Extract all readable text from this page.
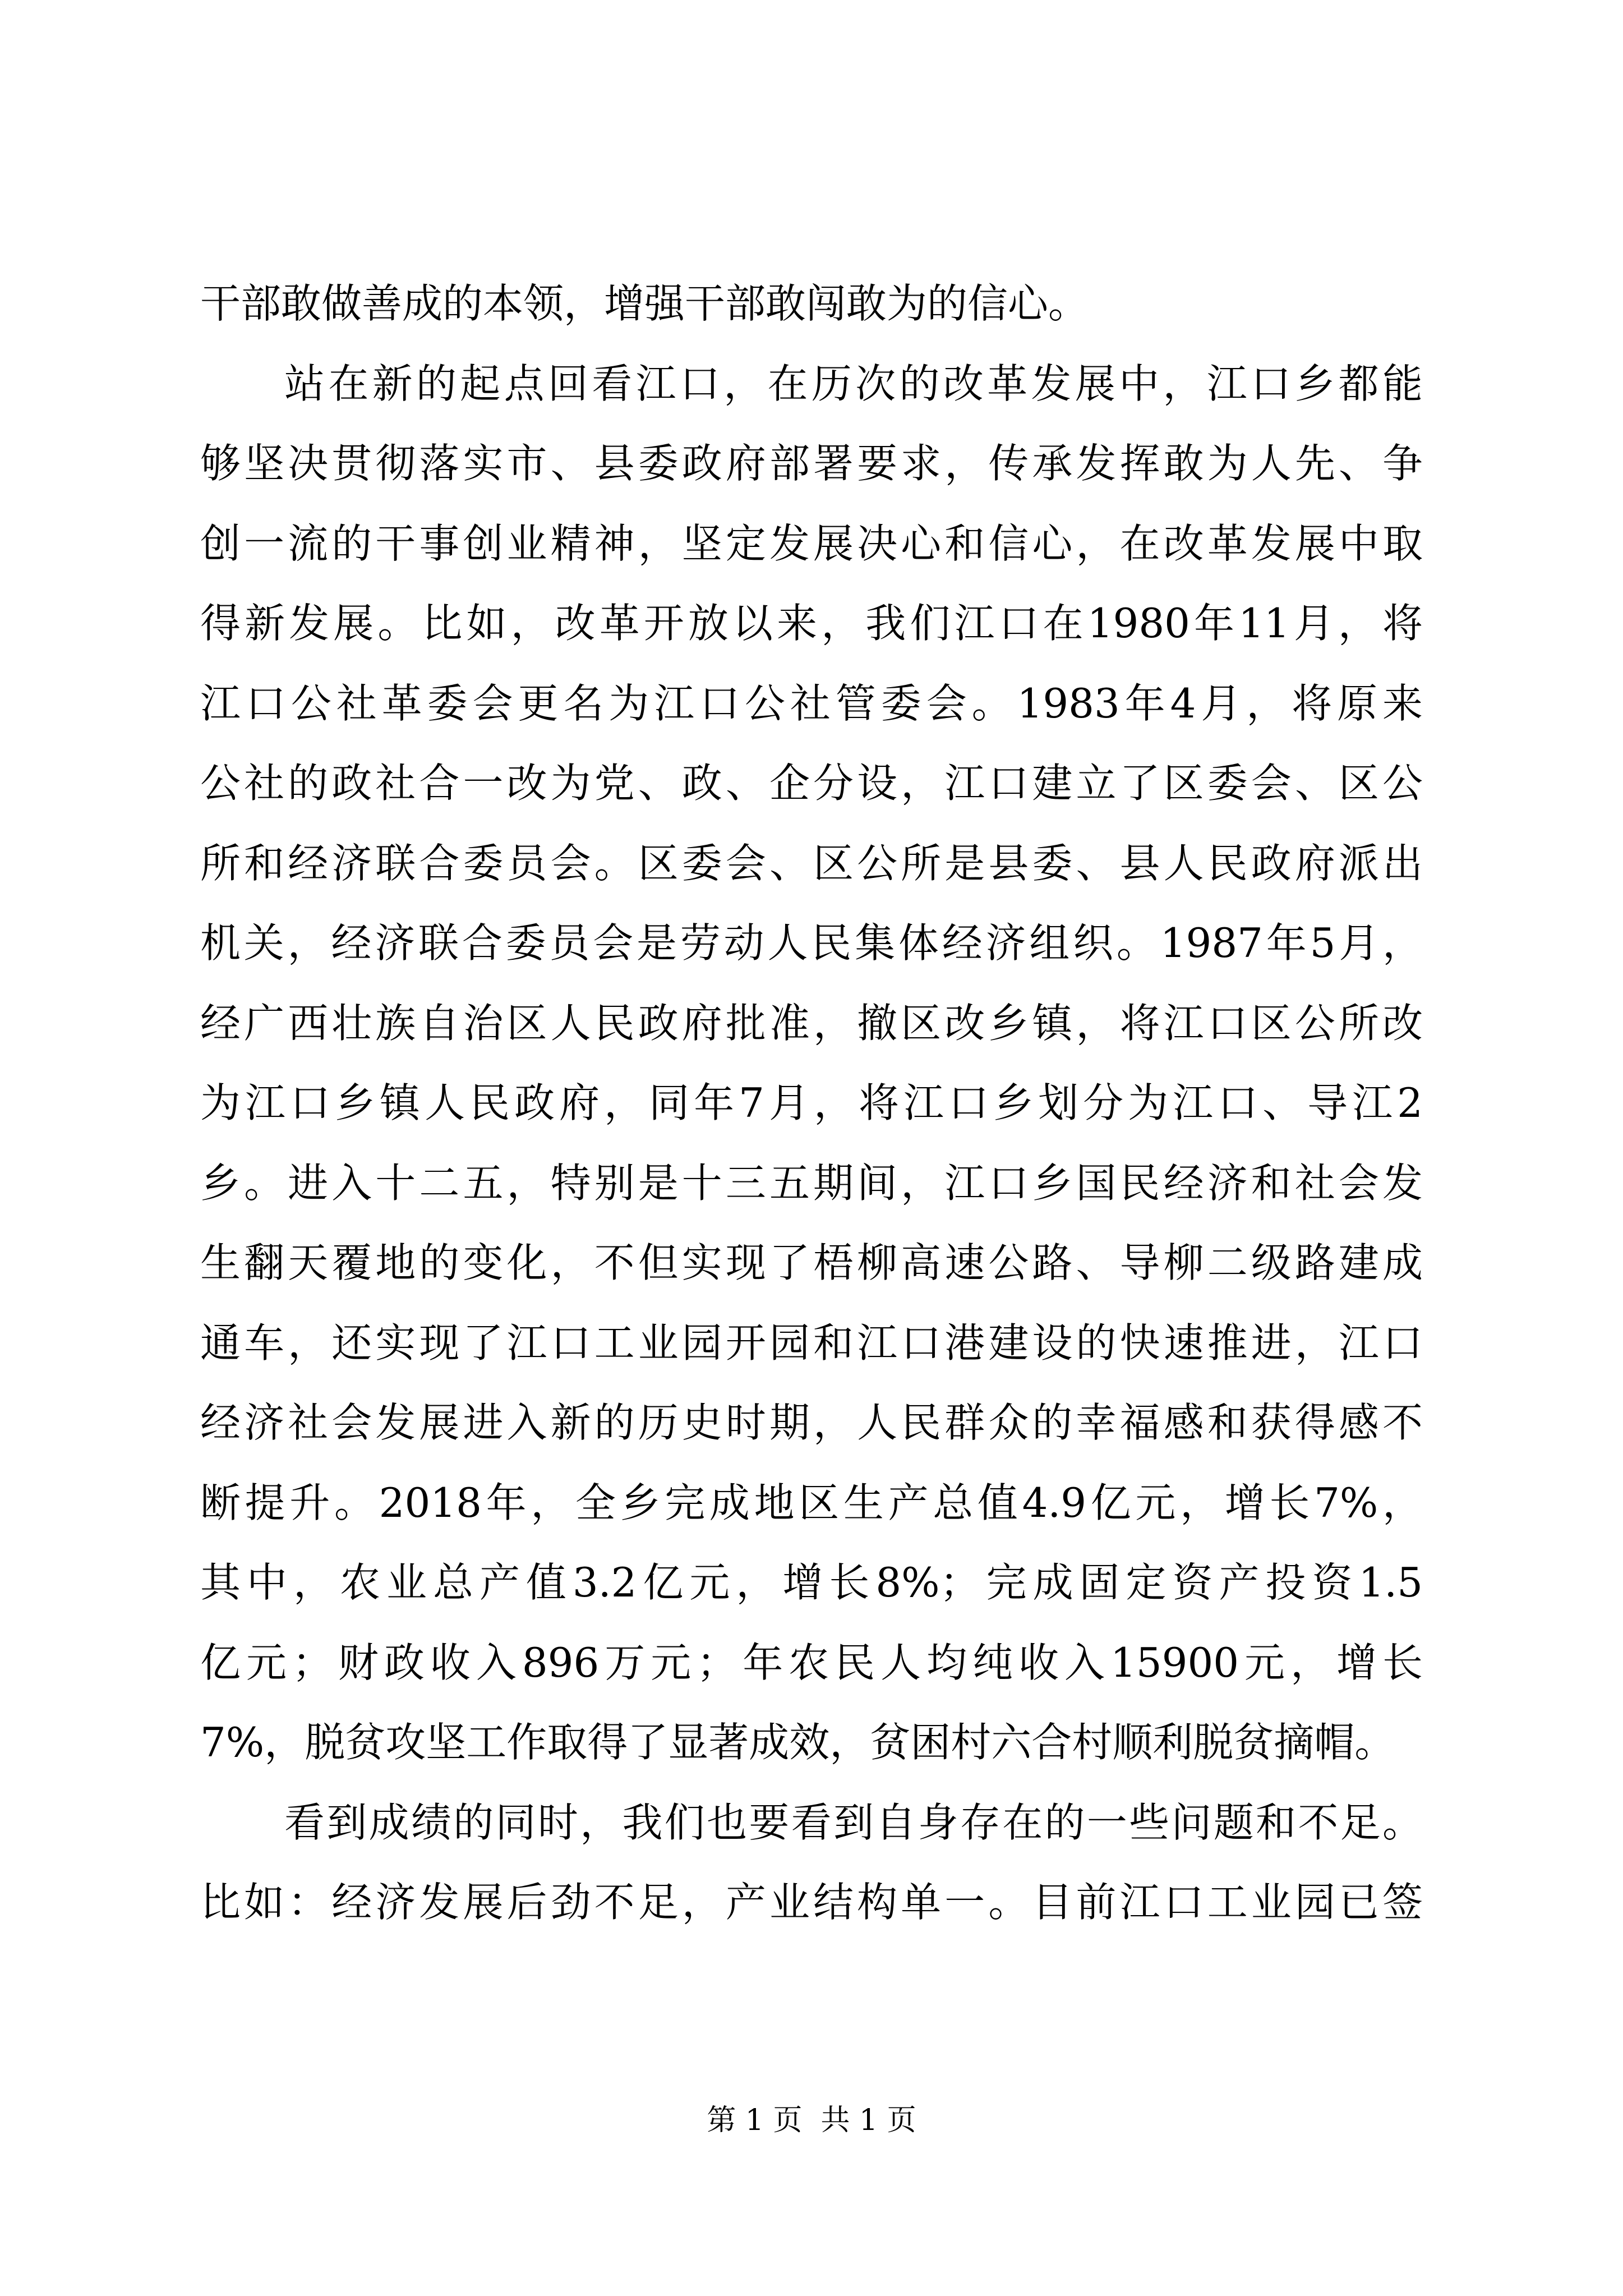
干部敢做善成的本领，增强干部敢闯敢为的信心。
站在新的起点回看江口，在历次的改革发展中，江口乡都能
够坚决贯彻落实市、县委政府部署要求，传承发挥敢为人先、争
创一流的干事创业精神，坚定发展决心和信心，在改革发展中取
得新发展。比如，改革开放以来，我们江口在1980年11月，将
江口公社革委会更名为江口公社管委会。1983年4月，将原来
公社的政社合一改为党、政、企分设，江口建立了区委会、区公
所和经济联合委员会。区委会、区公所是县委、县人民政府派出
机关，经济联合委员会是劳动人民集体经济组织。1987年5月，
经广西壮族自治区人民政府批准，撤区改乡镇，将江口区公所改
为江口乡镇人民政府，同年7月，将江口乡划分为江口、导江2
乡。进入十二五，特别是十三五期间，江口乡国民经济和社会发
生翻天覆地的变化，不但实现了梧柳高速公路、导柳二级路建成
通车，还实现了江口工业园开园和江口港建设的快速推进，江口
经济社会发展进入新的历史时期，人民群众的幸福感和获得感不
断提升。2018年，全乡完成地区生产总值4.9亿元，增长7%，
其中，农业总产值3.2亿元，增长8%；完成固定资产投资1.5
亿元；财政收入896万元；年农民人均纯收入15900元，增长
7%，脱贫攻坚工作取得了显著成效，贫困村六合村顺利脱贫摘帽。
看到成绩的同时，我们也要看到自身存在的一些问题和不足。
比如：经济发展后劲不足，产业结构单一。目前江口工业园已签
第 1 页  共 1 页
